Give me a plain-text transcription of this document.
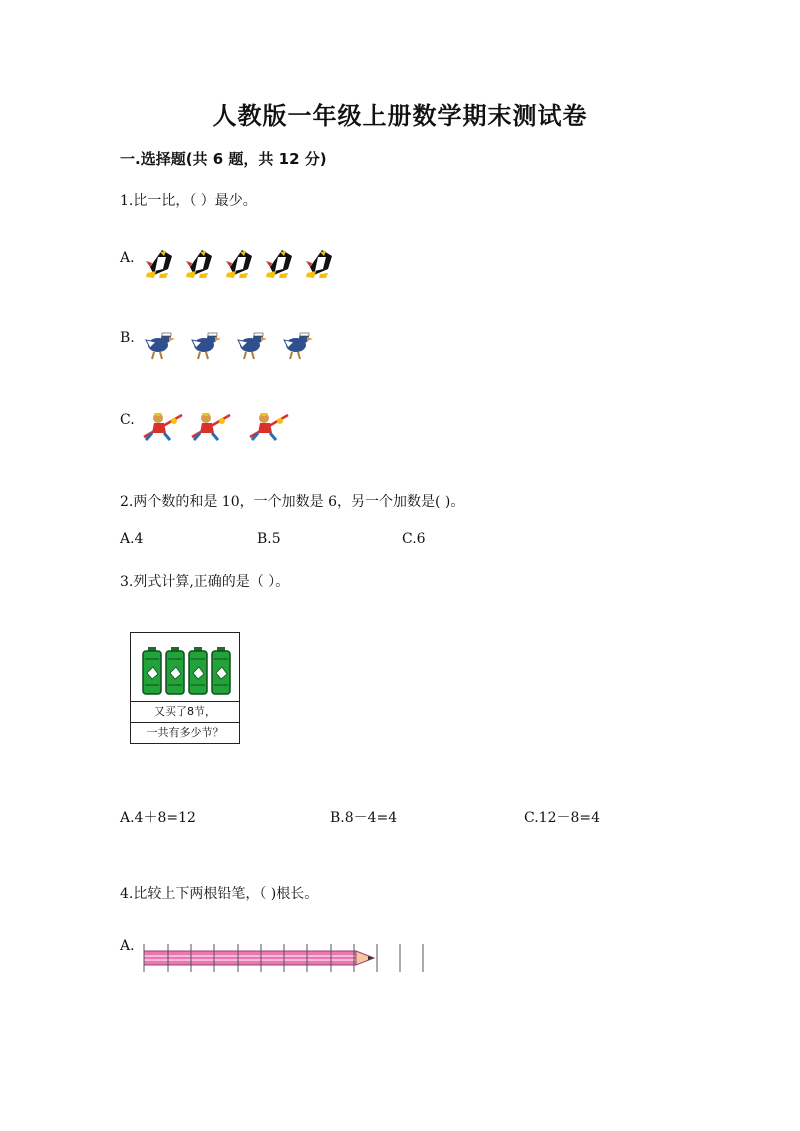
人教版一年级上册数学期末测试卷
一.选择题(共 6 题，共 12 分)
1.比一比，（ ）最少。
A.
B.
C.
2.两个数的和是 10，一个加数是 6，另一个加数是( )。
A.4	B.5	C.6
3.列式计算,正确的是（ ）。
又买了8节，
一共有多少节？
A.4＋8=12	B.8－4=4	C.12－8=4
4.比较上下两根铅笔，（ )根长。
A.
